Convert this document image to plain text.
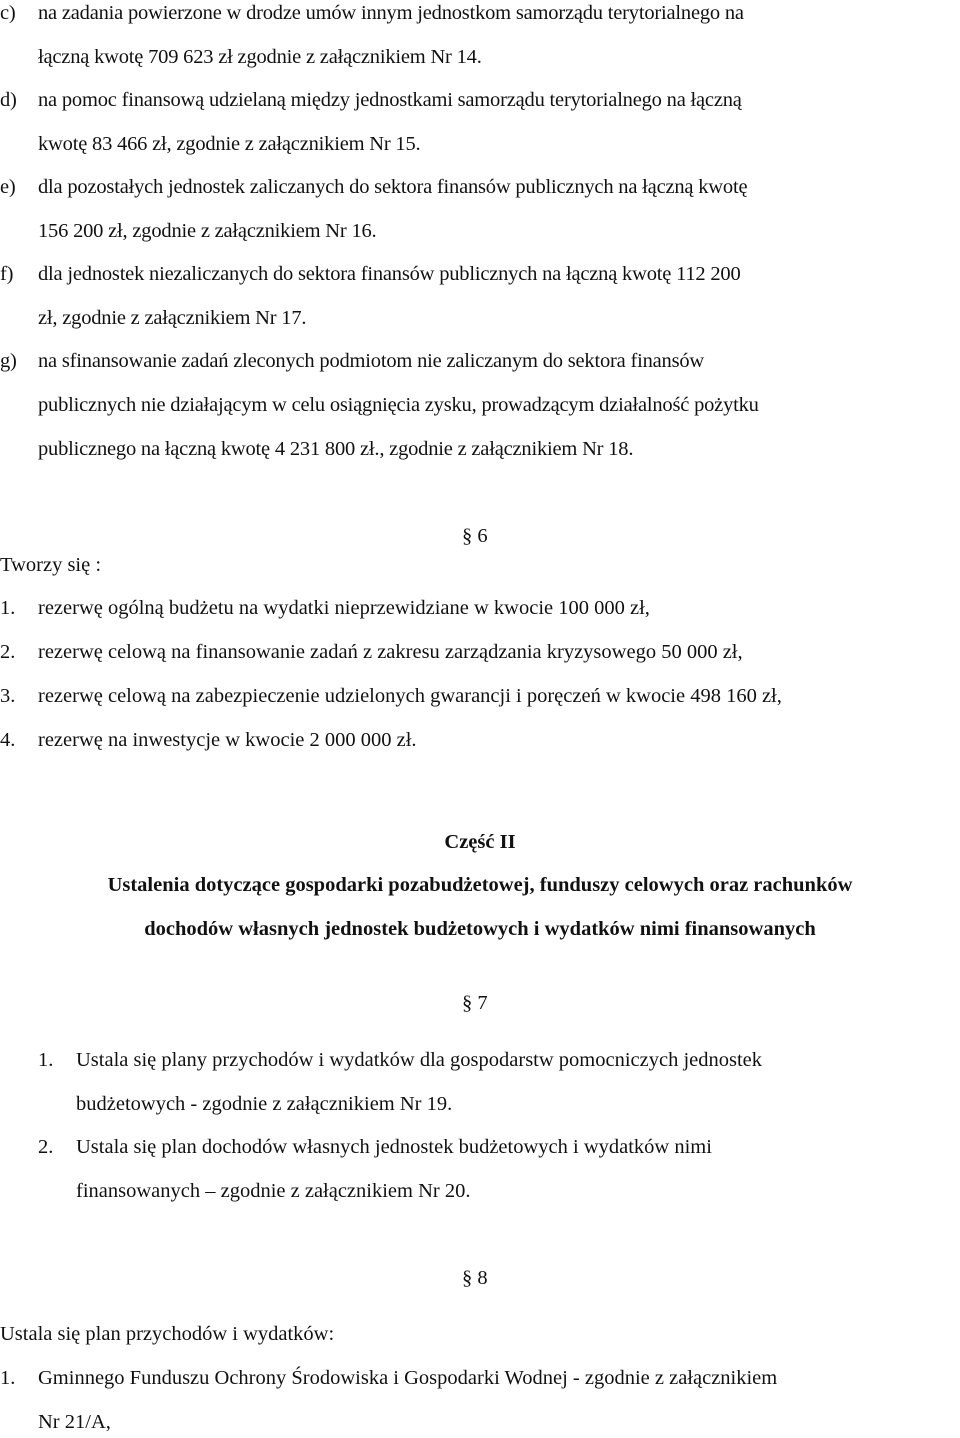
c) na zadania powierzone w drodze umów innym jednostkom samorządu terytorialnego na
łączną kwotę 709 623 zł zgodnie z załącznikiem Nr 14.
d) na pomoc finansową udzielaną między jednostkami samorządu terytorialnego na łączną
kwotę 83 466 zł, zgodnie z załącznikiem Nr 15.
e) dla pozostałych jednostek zaliczanych do sektora finansów publicznych na łączną kwotę
156 200 zł, zgodnie z załącznikiem Nr 16.
f) dla jednostek niezaliczanych do sektora finansów publicznych na łączną kwotę 112 200
zł, zgodnie z załącznikiem Nr 17.
g) na sfinansowanie zadań zleconych podmiotom nie zaliczanym do sektora finansów
publicznych nie działającym w celu osiągnięcia zysku, prowadzącym działalność pożytku
publicznego na łączną kwotę 4 231 800 zł., zgodnie z załącznikiem Nr 18.
§ 6
Tworzy się :
1. rezerwę ogólną budżetu na wydatki nieprzewidziane w kwocie 100 000 zł,
2. rezerwę celową na finansowanie zadań z zakresu zarządzania kryzysowego 50 000 zł,
3. rezerwę celową na zabezpieczenie udzielonych gwarancji i poręczeń w kwocie 498 160 zł,
4. rezerwę na inwestycje w kwocie 2 000 000 zł.
Część II
Ustalenia dotyczące gospodarki pozabudżetowej, funduszy celowych oraz rachunków
dochodów własnych jednostek budżetowych i wydatków nimi finansowanych
§ 7
1. Ustala się plany przychodów i wydatków dla gospodarstw pomocniczych jednostek
budżetowych - zgodnie z załącznikiem Nr 19.
2. Ustala się plan dochodów własnych jednostek budżetowych i wydatków nimi
finansowanych – zgodnie z załącznikiem Nr 20.
§ 8
Ustala się plan przychodów i wydatków:
1. Gminnego Funduszu Ochrony Środowiska i Gospodarki Wodnej - zgodnie z załącznikiem
Nr 21/A,
